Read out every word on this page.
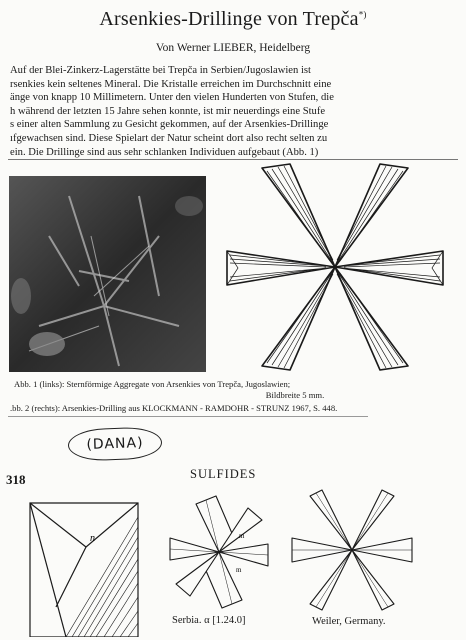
Arsenkies-Drillinge von Trepča*)
Von Werner LIEBER, Heidelberg
Auf der Blei-Zinkerz-Lagerstätte bei Trepča in Serbien/Jugoslawien ist
rsenkies kein seltenes Mineral. Die Kristalle erreichen im Durchschnitt eine
änge von knapp 10 Millimetern. Unter den vielen Hunderten von Stufen, die
h während der letzten 15 Jahre sehen konnte, ist mir neuerdings eine Stufe
s einer alten Sammlung zu Gesicht gekommen, auf der Arsenkies-Drillinge
ıfgewachsen sind. Diese Spielart der Natur scheint dort also recht selten zu
ein. Die Drillinge sind aus sehr schlanken Individuen aufgebaut (Abb. 1)
Abb. 1 (links): Sternförmige Aggregate von Arsenkies von Trepča, Jugoslawien;
Bildbreite 5 mm.
.bb. 2 (rechts): Arsenkies-Drilling aus KLOCKMANN - RAMDOHR - STRUNZ 1967, S. 448.
(DANA)
318	SULFIDES
n	m
m
Serbia. α [1.24.0]	Weiler, Germany.
